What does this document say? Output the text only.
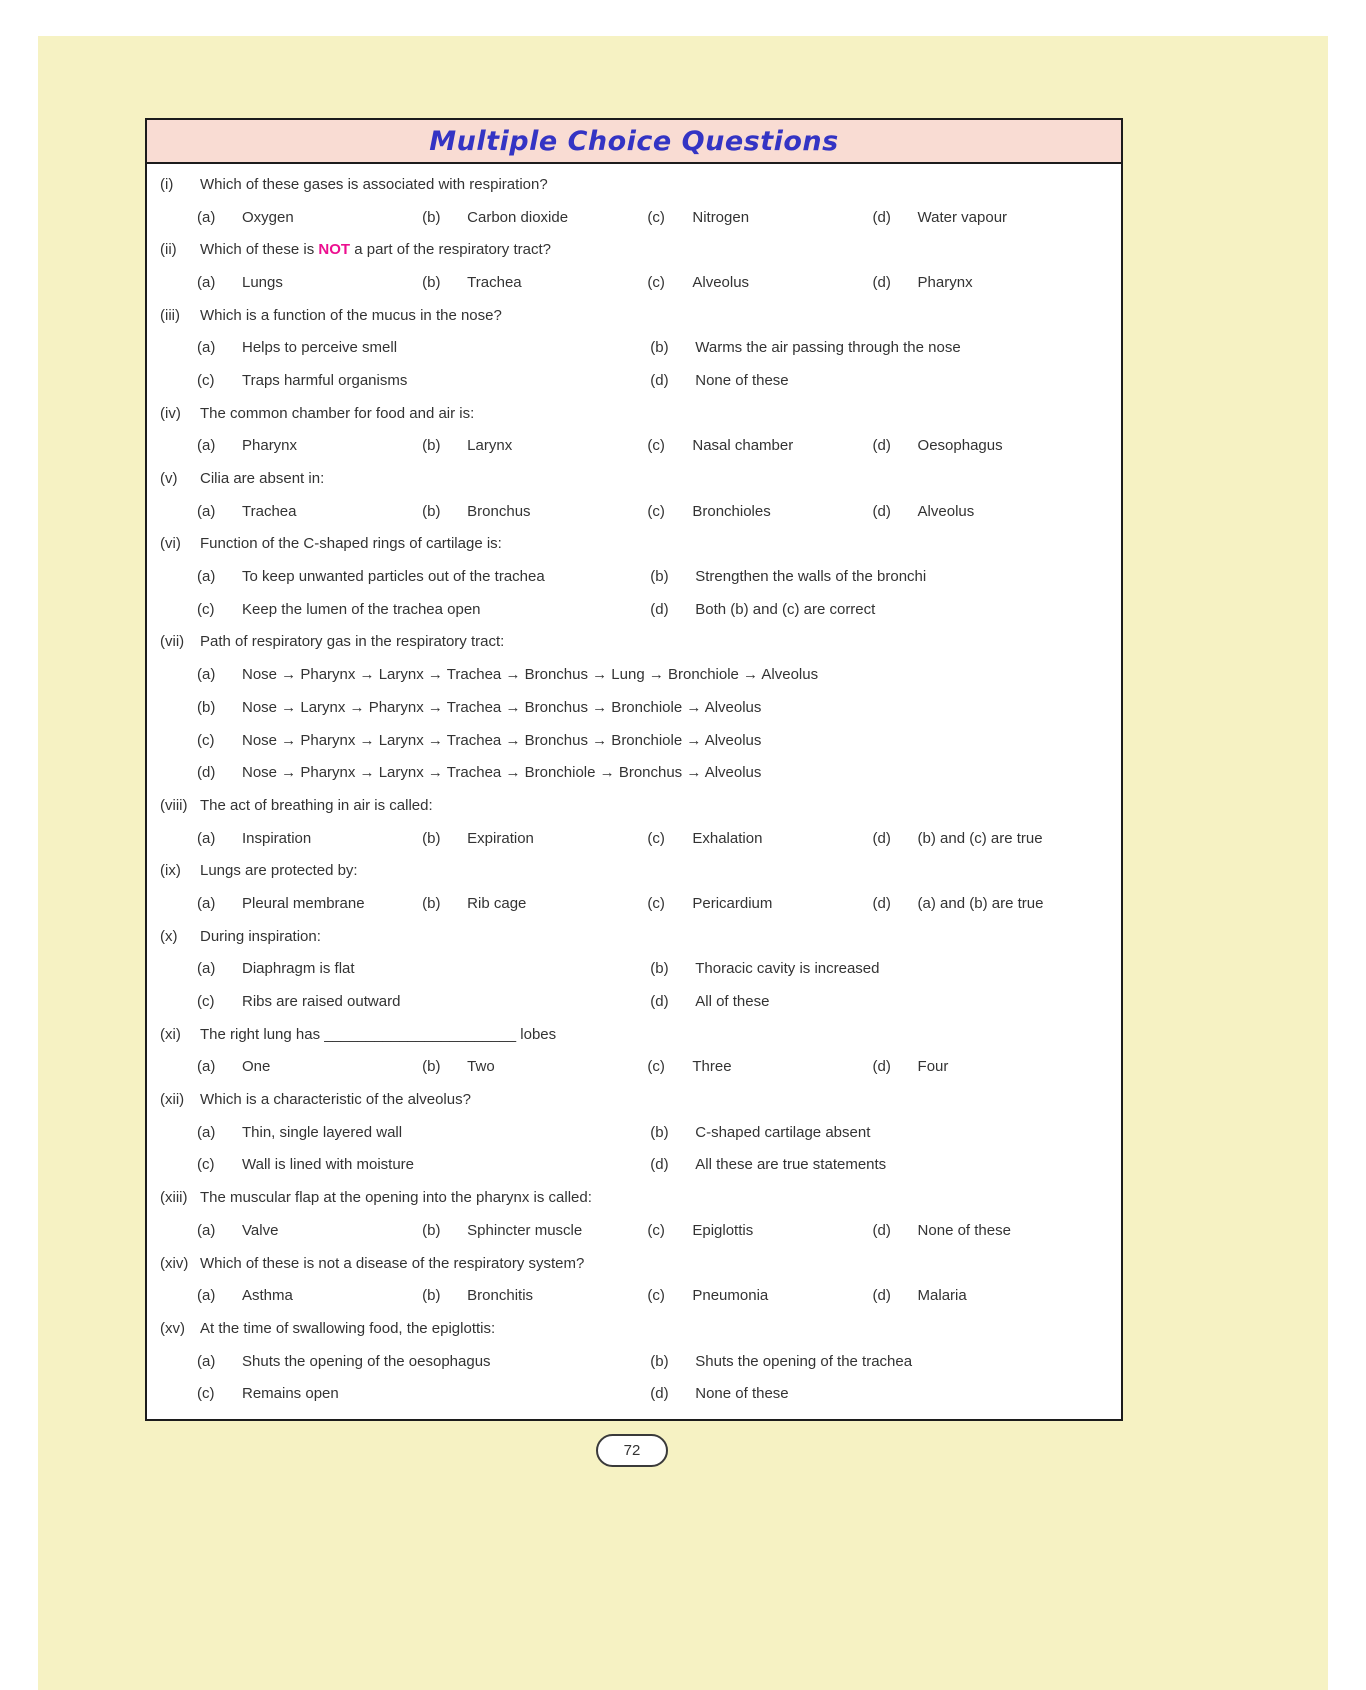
Multiple Choice Questions
(i)	Which of these gases is associated with respiration?
(a)	Oxygen	(b)	Carbon dioxide	(c)	Nitrogen	(d)	Water vapour
(ii)	Which of these is NOT a part of the respiratory tract?
(a)	Lungs	(b)	Trachea	(c)	Alveolus	(d)	Pharynx
(iii)	Which is a function of the mucus in the nose?
(a)	Helps to perceive smell	(b)	Warms the air passing through the nose
(c)	Traps harmful organisms	(d)	None of these
(iv)	The common chamber for food and air is:
(a)	Pharynx	(b)	Larynx	(c)	Nasal chamber	(d)	Oesophagus
(v)	Cilia are absent in:
(a)	Trachea	(b)	Bronchus	(c)	Bronchioles	(d)	Alveolus
(vi)	Function of the C-shaped rings of cartilage is:
(a)	To keep unwanted particles out of the trachea	(b)	Strengthen the walls of the bronchi
(c)	Keep the lumen of the trachea open	(d)	Both (b) and (c) are correct
(vii)	Path of respiratory gas in the respiratory tract:
(a)	Nose → Pharynx → Larynx → Trachea → Bronchus → Lung → Bronchiole → Alveolus
(b)	Nose → Larynx → Pharynx → Trachea → Bronchus → Bronchiole → Alveolus
(c)	Nose → Pharynx → Larynx → Trachea → Bronchus → Bronchiole → Alveolus
(d)	Nose → Pharynx → Larynx → Trachea → Bronchiole → Bronchus → Alveolus
(viii) The act of breathing in air is called:
(a)	Inspiration	(b)	Expiration	(c)	Exhalation	(d)	(b) and (c) are true
(ix)	Lungs are protected by:
(a)	Pleural membrane	(b)	Rib cage	(c)	Pericardium	(d)	(a) and (b) are true
(x)	During inspiration:
(a)	Diaphragm is flat	(b)	Thoracic cavity is increased
(c)	Ribs are raised outward	(d)	All of these
(xi)	The right lung has _______________________ lobes
(a)	One	(b)	Two	(c)	Three	(d)	Four
(xii)	Which is a characteristic of the alveolus?
(a)	Thin, single layered wall	(b)	C-shaped cartilage absent
(c)	Wall is lined with moisture	(d)	All these are true statements
(xiii) The muscular flap at the opening into the pharynx is called:
(a)	Valve	(b)	Sphincter muscle	(c)	Epiglottis	(d)	None of these
(xiv) Which of these is not a disease of the respiratory system?
(a)	Asthma	(b)	Bronchitis	(c)	Pneumonia	(d)	Malaria
(xv)	At the time of swallowing food, the epiglottis:
(a)	Shuts the opening of the oesophagus	(b)	Shuts the opening of the trachea
(c)	Remains open	(d)	None of these
72
